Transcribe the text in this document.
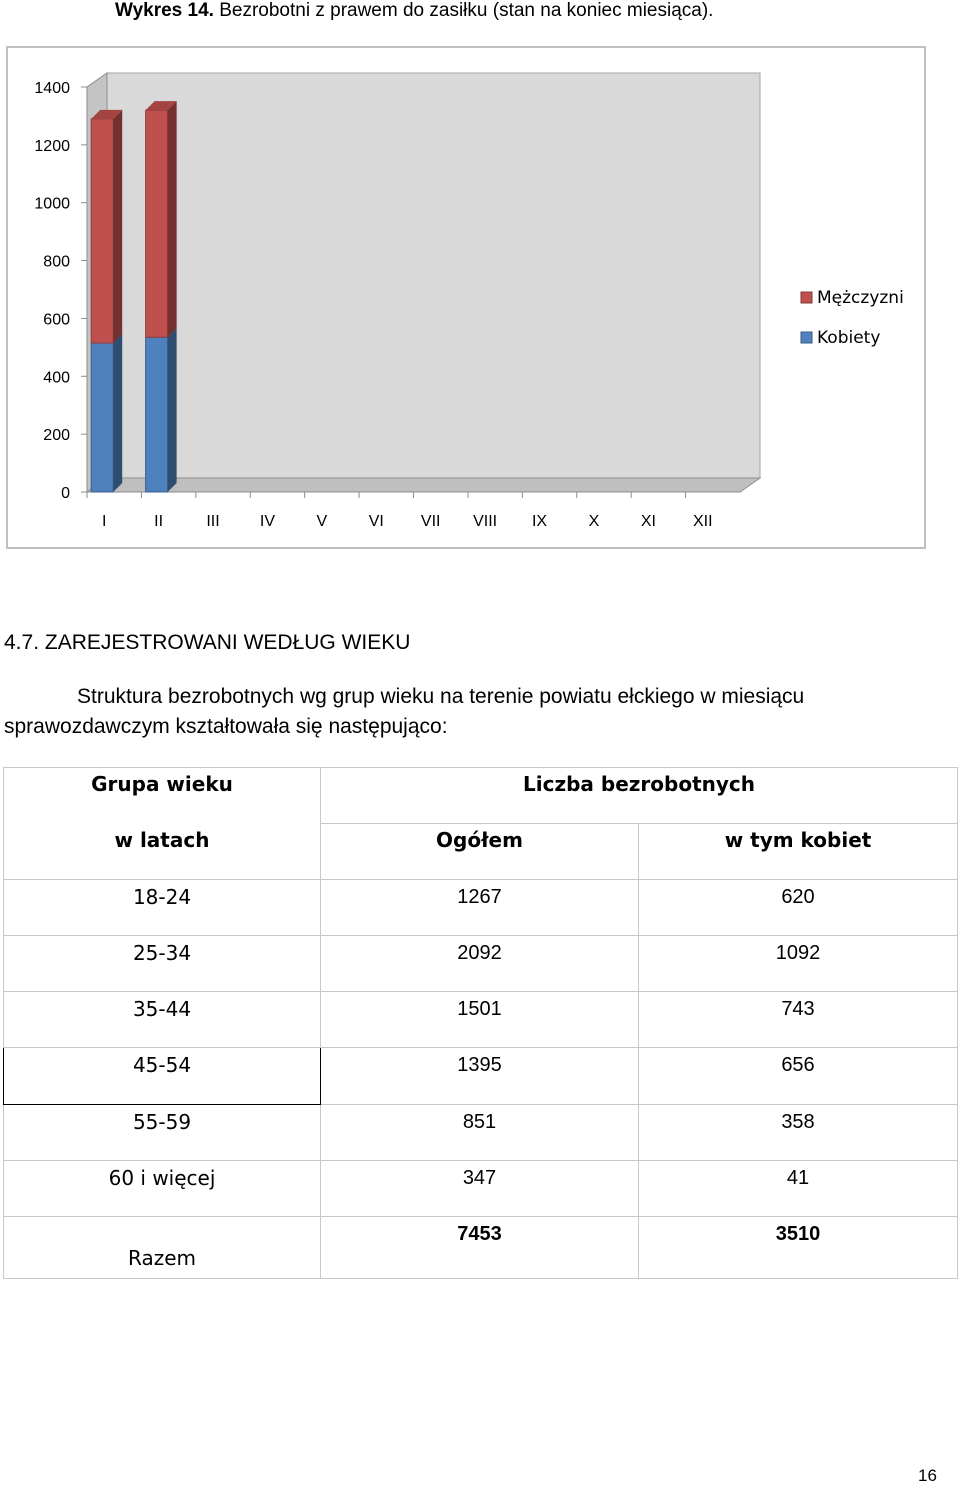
Wykres 14. Bezrobotni z prawem do zasiłku (stan na koniec miesiąca).
0
200
400
600
800
1000
1200
1400
I	II	III	IV	V	VI VII VIII IX	X	XI XII
Mężczyzni
Kobiety
4.7. ZAREJESTROWANI WEDŁUG WIEKU
Struktura bezrobotnych wg grup wieku na terenie powiatu ełckiego w miesiącu sprawozdawczym kształtowała się następująco:
Grupa wieku	Liczba bezrobotnych	
w latach	Ogółem	w tym kobiet
18-24	1267	620
25-34	2092	1092
35-44	1501	743
45-54	1395	656
55-59	851	358
60 i więcej	347	41
Razem	7453	3510
16
